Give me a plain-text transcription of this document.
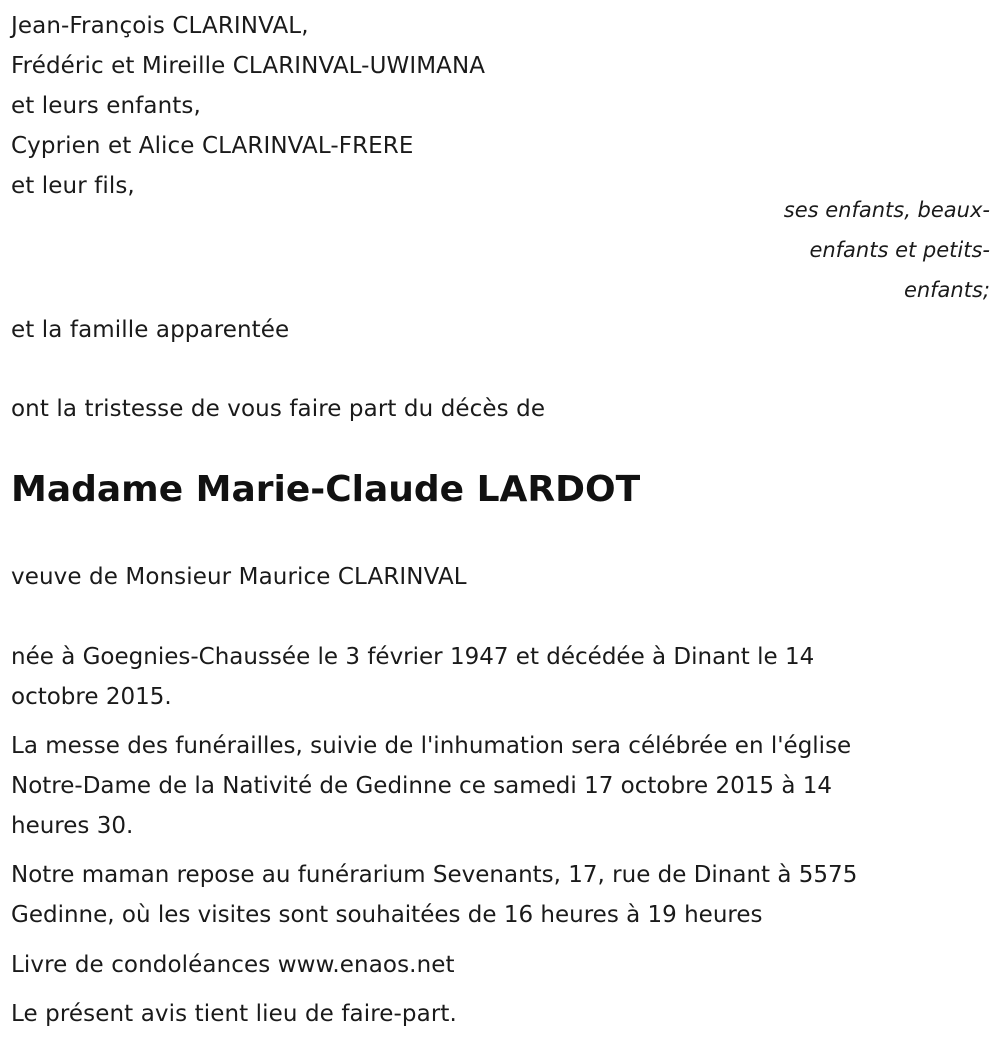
Jean-François CLARINVAL,
Frédéric et Mireille CLARINVAL-UWIMANA
et leurs enfants,
Cyprien et Alice CLARINVAL-FRERE
et leur fils,
ses enfants, beaux-
enfants et petits-
enfants;
et la famille apparentée
ont la tristesse de vous faire part du décès de
Madame Marie-Claude LARDOT
veuve de Monsieur Maurice CLARINVAL
née à Goegnies-Chaussée le 3 février 1947 et décédée à Dinant le 14
octobre 2015.
La messe des funérailles, suivie de l'inhumation sera célébrée en l'église
Notre-Dame de la Nativité de Gedinne ce samedi 17 octobre 2015 à 14
heures 30.
Notre maman repose au funérarium Sevenants, 17, rue de Dinant à 5575
Gedinne, où les visites sont souhaitées de 16 heures à 19 heures
Livre de condoléances www.enaos.net
Le présent avis tient lieu de faire-part.
